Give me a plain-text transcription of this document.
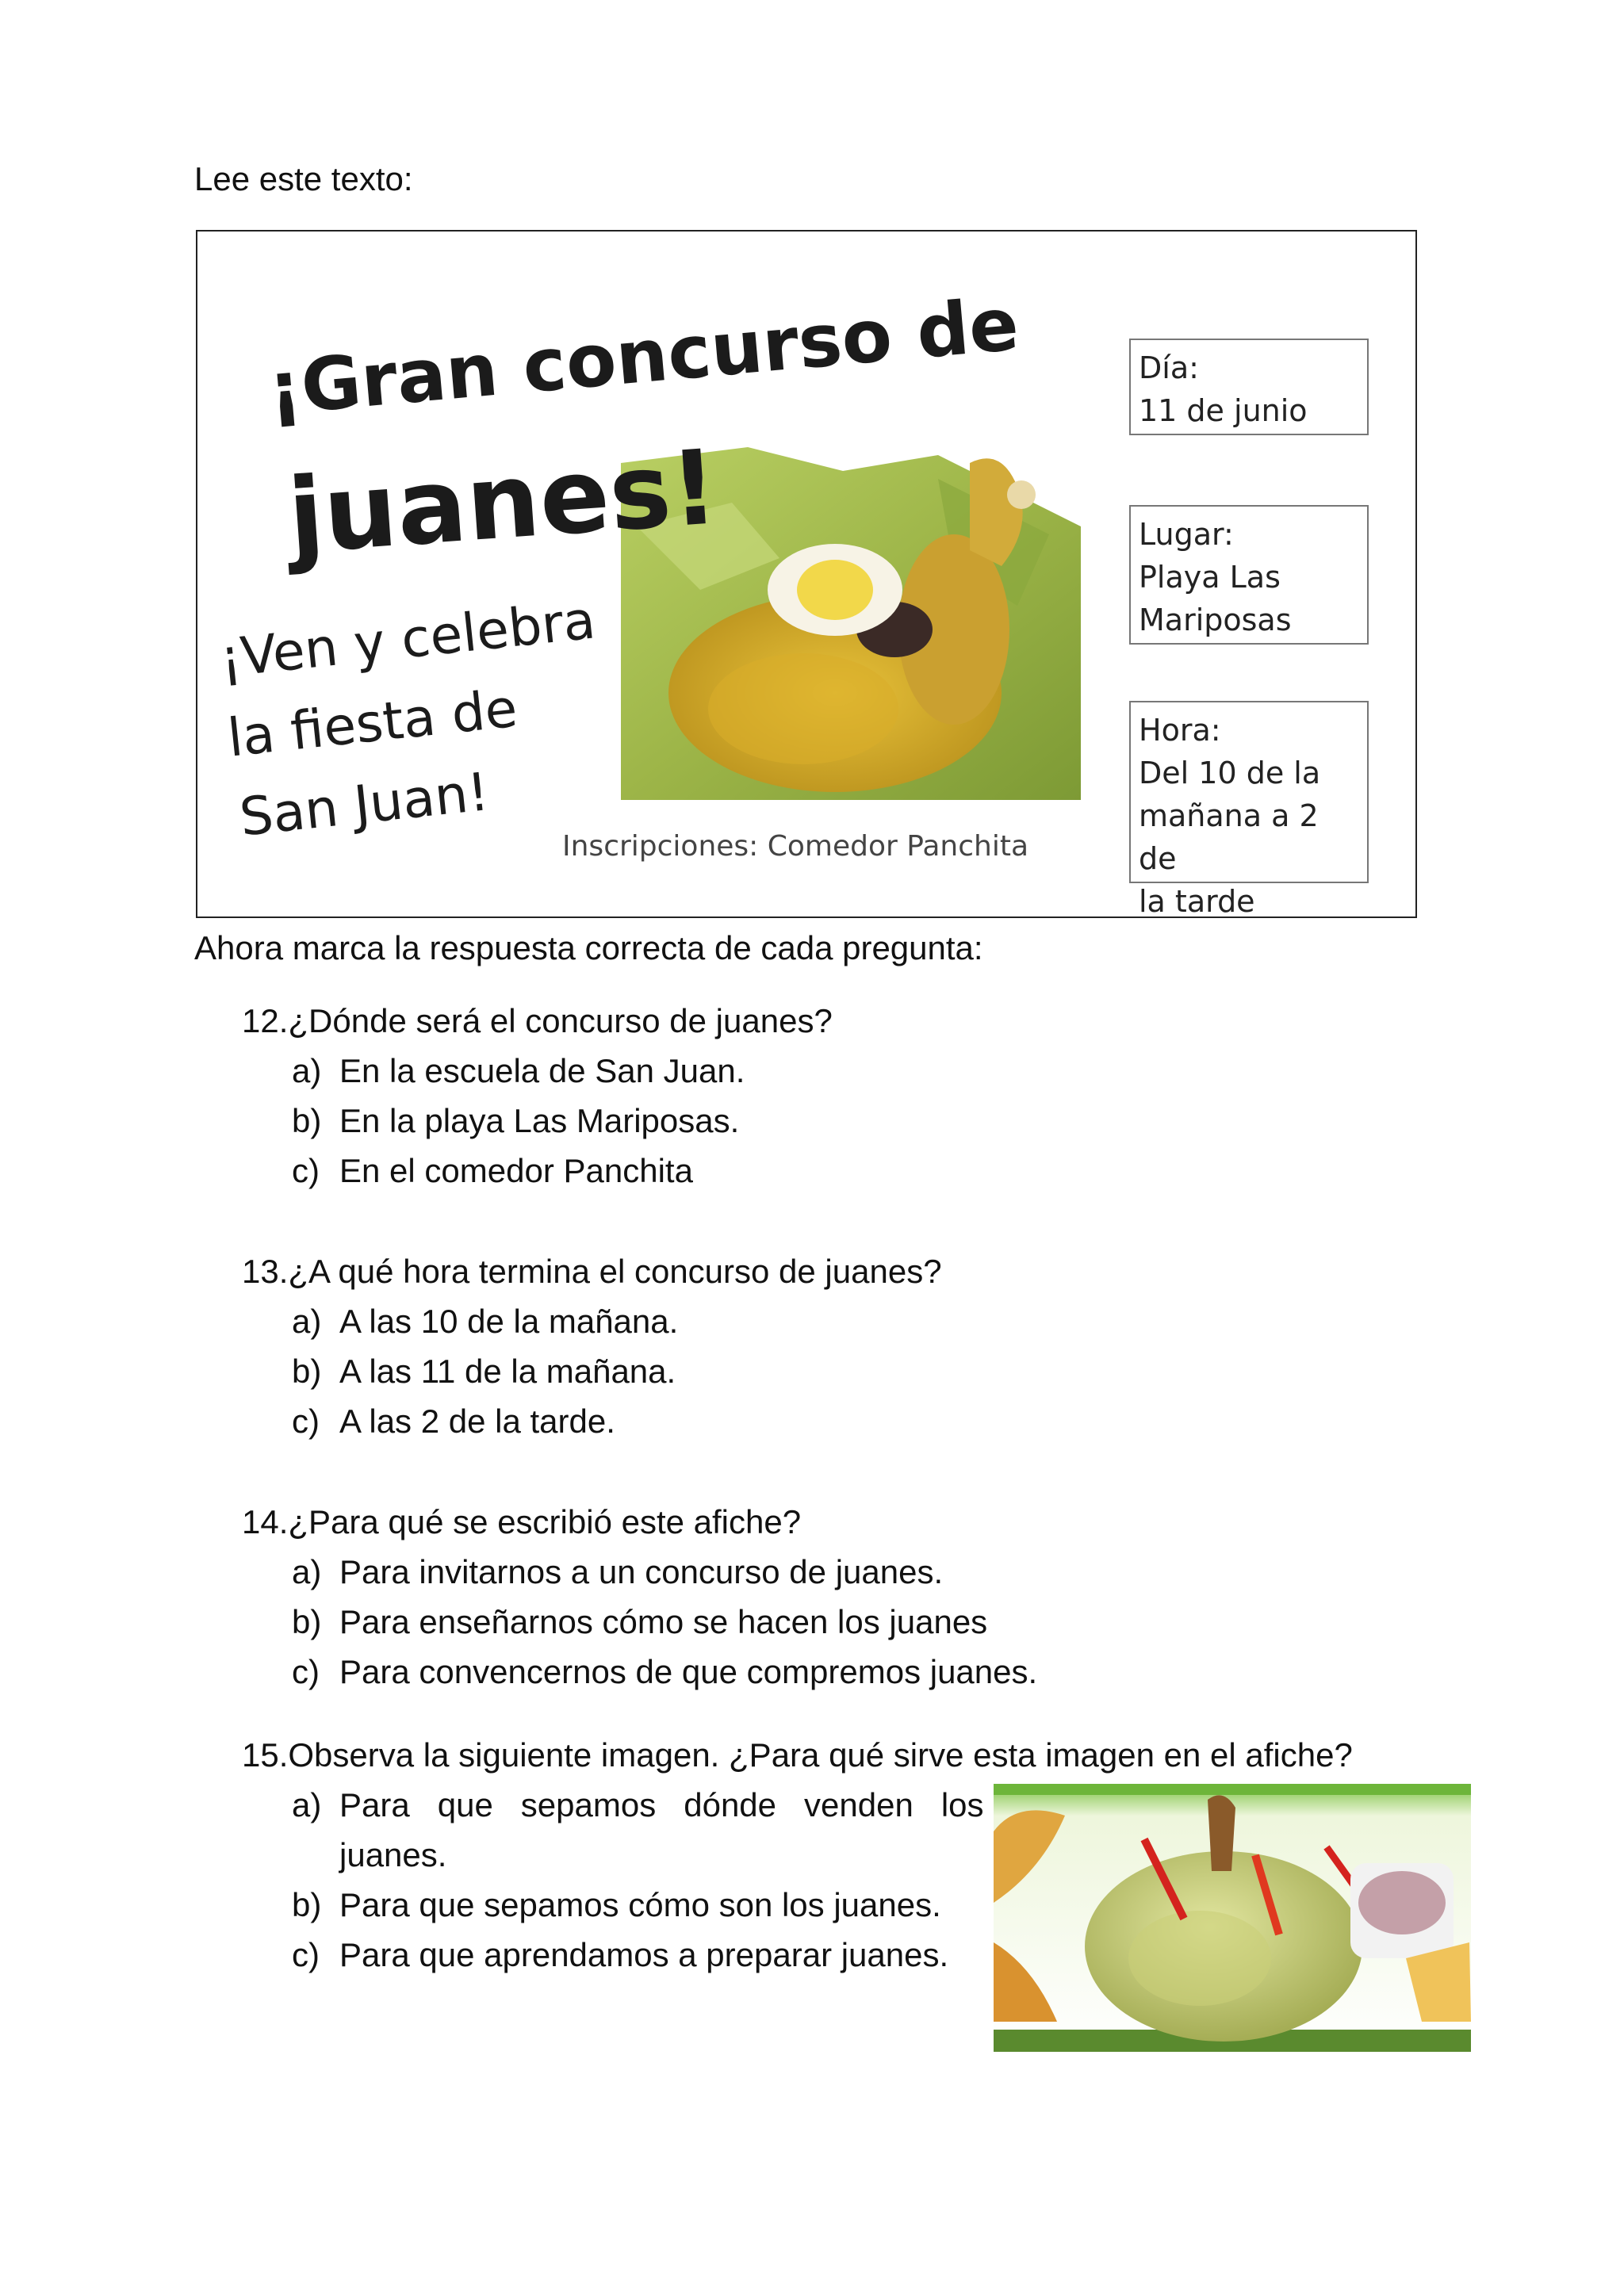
Lee este texto:
¡Gran concurso de
juanes!
¡Ven y celebra
la fiesta de
San Juan! Inscripciones: Comedor Panchita
Día:
11 de junio
Lugar:
Playa Las
Mariposas
Hora:
Del 10 de la
mañana a 2 de
la tarde
Ahora marca la respuesta correcta de cada pregunta:
12.¿Dónde será el concurso de juanes?
a) En la escuela de San Juan.
b) En la playa Las Mariposas.
c) En el comedor Panchita
13.¿A qué hora termina el concurso de juanes?
a) A las 10 de la mañana.
b) A las 11 de la mañana.
c) A las 2 de la tarde.
14.¿Para qué se escribió este afiche?
a) Para invitarnos a un concurso de juanes.
b) Para enseñarnos cómo se hacen los juanes
c) Para convencernos de que compremos juanes.
15.Observa la siguiente imagen. ¿Para qué sirve esta imagen en el afiche?
a) Para   que   sepamos   dónde   venden   los
juanes.
b) Para que sepamos cómo son los juanes.
c) Para que aprendamos a preparar juanes.
